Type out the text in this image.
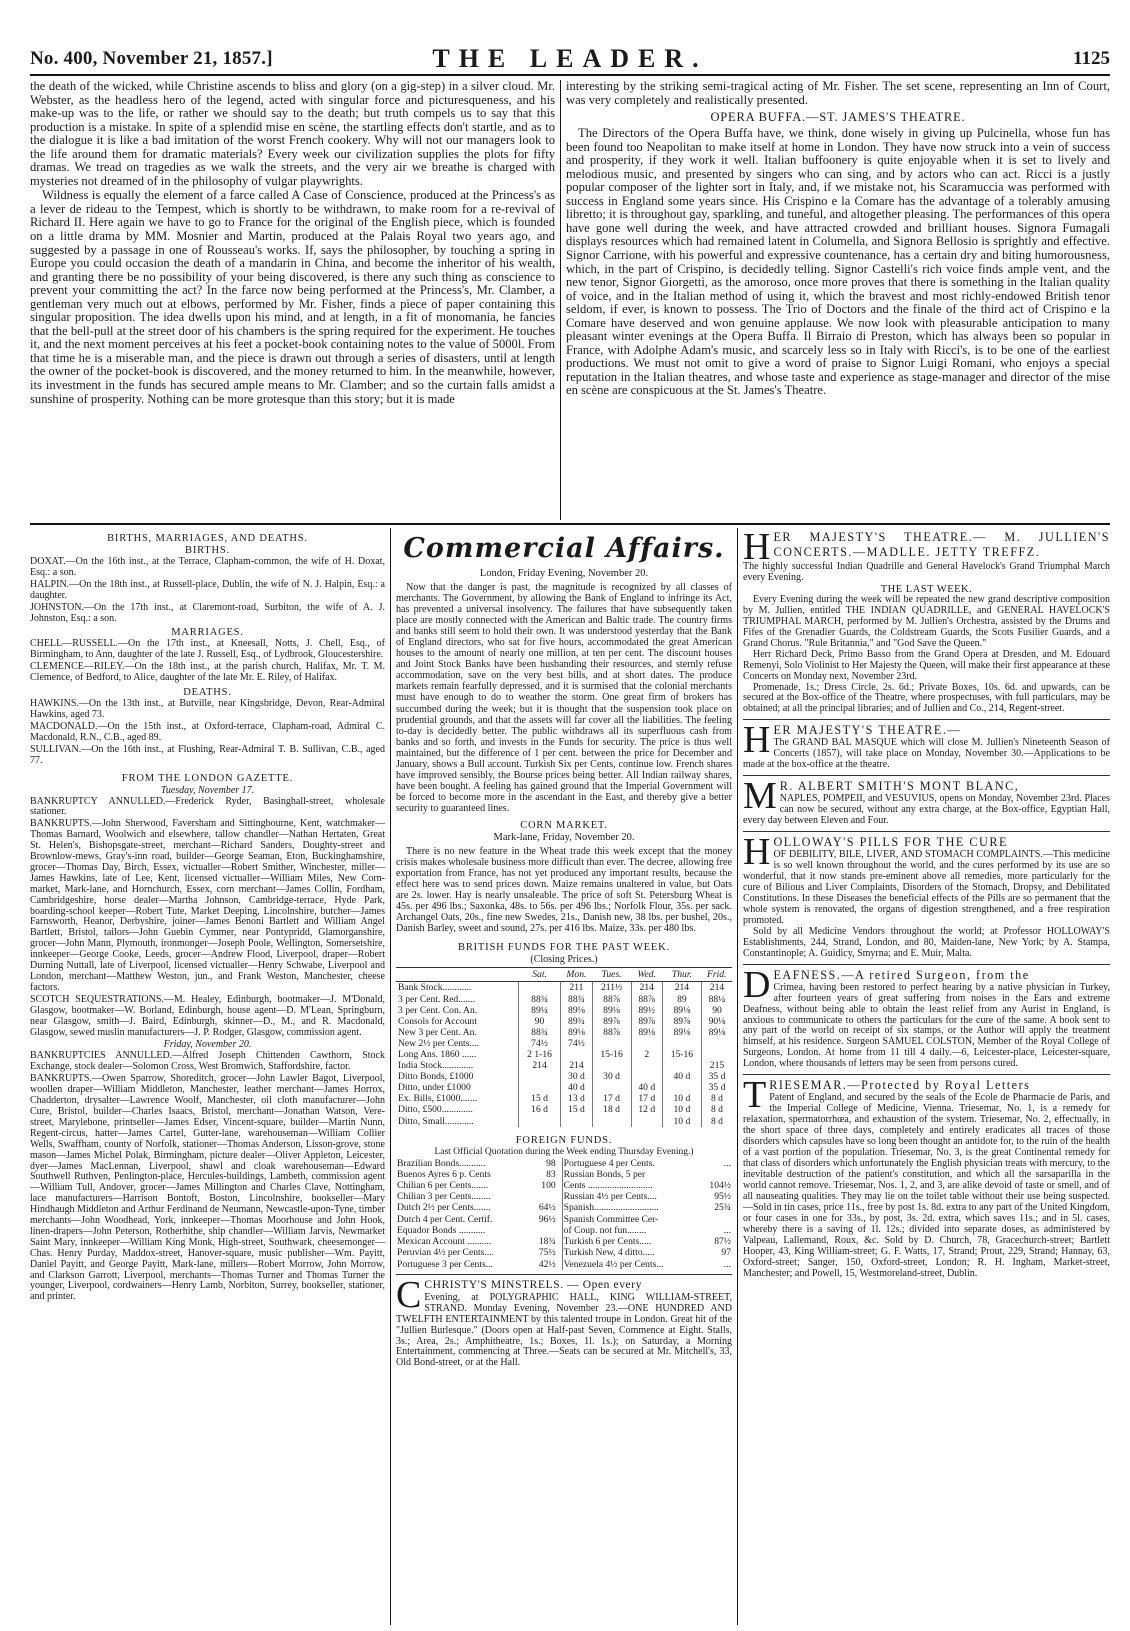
No. 400, November 21, 1857.]	THE LEADER.	1125

the death of the wicked, while Christine ascends to bliss and glory (on a gig-step) in a silver cloud. Mr. Webster, as the headless hero of the legend, acted with singular force and picturesqueness, and his make-up was to the life, or rather we should say to the death; but truth compels us to say that this production is a mistake. In spite of a splendid mise en scène, the startling effects don't startle, and as to the dialogue it is like a bad imitation of the worst French cookery. Why will not our managers look to the life around them for dramatic materials? Every week our civilization supplies the plots for fifty dramas. We tread on tragedies as we walk the streets, and the very air we breathe is charged with mysteries not dreamed of in the philosophy of vulgar playwrights.

Wildness is equally the element of a farce called A Case of Conscience, produced at the Princess's as a lever de rideau to the Tempest, which is shortly to be withdrawn, to make room for a re-revival of Richard II. Here again we have to go to France for the original of the English piece, which is founded on a little drama by MM. Mosnier and Martin, produced at the Palais Royal two years ago, and suggested by a passage in one of Rousseau's works. If, says the philosopher, by touching a spring in Europe you could occasion the death of a mandarin in China, and become the inheritor of his wealth, and granting there be no possibility of your being discovered, is there any such thing as conscience to prevent your committing the act? In the farce now being performed at the Princess's, Mr. Clamber, a gentleman very much out at elbows, performed by Mr. Fisher, finds a piece of paper containing this singular proposition. The idea dwells upon his mind, and at length, in a fit of monomania, he fancies that the bell-pull at the street door of his chambers is the spring required for the experiment. He touches it, and the next moment perceives at his feet a pocket-book containing notes to the value of 5000l. From that time he is a miserable man, and the piece is drawn out through a series of disasters, until at length the owner of the pocket-book is discovered, and the money returned to him. In the meanwhile, however, its investment in the funds has secured ample means to Mr. Clamber; and so the curtain falls amidst a sunshine of prosperity. Nothing can be more grotesque than this story; but it is made

interesting by the striking semi-tragical acting of Mr. Fisher. The set scene, representing an Inn of Court, was very completely and realistically presented.

OPERA BUFFA.—ST. JAMES'S THEATRE.

The Directors of the Opera Buffa have, we think, done wisely in giving up Pulcinella, whose fun has been found too Neapolitan to make itself at home in London. They have now struck into a vein of success and prosperity, if they work it well. Italian buffoonery is quite enjoyable when it is set to lively and melodious music, and presented by singers who can sing, and by actors who can act. Ricci is a justly popular composer of the lighter sort in Italy, and, if we mistake not, his Scaramuccia was performed with success in England some years since. His Crispino e la Comare has the advantage of a tolerably amusing libretto; it is throughout gay, sparkling, and tuneful, and altogether pleasing. The performances of this opera have gone well during the week, and have attracted crowded and brilliant houses. Signora Fumagali displays resources which had remained latent in Columella, and Signora Bellosio is sprightly and effective. Signor Carrione, with his powerful and expressive countenance, has a certain dry and biting humorousness, which, in the part of Crispino, is decidedly telling. Signor Castelli's rich voice finds ample vent, and the new tenor, Signor Giorgetti, as the amoroso, once more proves that there is something in the Italian quality of voice, and in the Italian method of using it, which the bravest and most richly-endowed British tenor seldom, if ever, is known to possess. The Trio of Doctors and the finale of the third act of Crispino e la Comare have deserved and won genuine applause. We now look with pleasurable anticipation to many pleasant winter evenings at the Opera Buffa. Il Birraio di Preston, which has always been so popular in France, with Adolphe Adam's music, and scarcely less so in Italy with Ricci's, is to be one of the earliest productions. We must not omit to give a word of praise to Signor Luigi Romani, who enjoys a special reputation in the Italian theatres, and whose taste and experience as stage-manager and director of the mise en scène are conspicuous at the St. James's Theatre.

BIRTHS, MARRIAGES, AND DEATHS.
BIRTHS.

DOXAT.—On the 16th inst., at the Terrace, Clapham-common, the wife of H. Doxat, Esq.: a son.

HALPIN.—On the 18th inst., at Russell-place, Dublin, the wife of N. J. Halpin, Esq.: a daughter.

JOHNSTON.—On the 17th inst., at Claremont-road, Surbiton, the wife of A. J. Johnston, Esq.: a son.

MARRIAGES.

CHELL—RUSSELL.—On the 17th inst., at Kneesall, Notts, J. Chell, Esq., of Birmingham, to Ann, daughter of the late J. Russell, Esq., of Lydbrook, Gloucestershire.

CLEMENCE—RILEY.—On the 18th inst., at the parish church, Halifax, Mr. T. M. Clemence, of Bedford, to Alice, daughter of the late Mr. E. Riley, of Halifax.

DEATHS.

HAWKINS.—On the 13th inst., at Butville, near Kingsbridge, Devon, Rear-Admiral Hawkins, aged 73.

MACDONALD.—On the 15th inst., at Oxford-terrace, Clapham-road, Admiral C. Macdonald, R.N., C.B., aged 89.

SULLIVAN.—On the 16th inst., at Flushing, Rear-Admiral T. B. Sullivan, C.B., aged 77.

FROM THE LONDON GAZETTE.
Tuesday, November 17.

BANKRUPTCY ANNULLED.—Frederick Ryder, Basinghall-street, wholesale stationer.

BANKRUPTS.—John Sherwood, Faversham and Sittingbourne, Kent, watchmaker—Thomas Barnard, Woolwich and elsewhere, tallow chandler—Nathan Hertaten, Great St. Helen's, Bishopsgate-street, merchant—Richard Sanders, Doughty-street and Brownlow-mews, Gray's-inn road, builder—George Seaman, Eton, Buckinghamshire, grocer—Thomas Day, Birch, Essex, victualler—Robert Smither, Winchester, miller—James Hawkins, late of Lee, Kent, licensed victualler—William Miles, New Corn-market, Mark-lane, and Hornchurch, Essex, corn merchant—James Collin, Fordham, Cambridgeshire, horse dealer—Martha Johnson, Cambridge-terrace, Hyde Park, boarding-school keeper—Robert Tute, Market Deeping, Lincolnshire, butcher—James Farnsworth, Heanor, Derbyshire, joiner—James Benoni Bartlett and William Angel Bartlett, Bristol, tailors—John Guebin Cymmer, near Pontypridd, Glamorganshire, grocer—John Mann, Plymouth, ironmonger—Joseph Poole, Wellington, Somersetshire, innkeeper—George Cooke, Leeds, grocer—Andrew Flood, Liverpool, draper—Robert Durning Nuttall, late of Liverpool, licensed victualler—Henry Schwabe, Liverpool and London, merchant—Matthew Weston, jun., and Frank Weston, Manchester, cheese factors.

SCOTCH SEQUESTRATIONS.—M. Healey, Edinburgh, bootmaker—J. M'Donald, Glasgow, bootmaker—W. Borland, Edinburgh, house agent—D. M'Lean, Springburn, near Glasgow, smith—J. Baird, Edinburgh, skinner—D., M., and R. Macdonald, Glasgow, sewed muslin manufacturers—J. P. Rodger, Glasgow, commission agent.

Friday, November 20.

BANKRUPTCIES ANNULLED.—Alfred Joseph Chittenden Cawthorn, Stock Exchange, stock dealer—Solomon Cross, West Bromwich, Staffordshire, factor.

BANKRUPTS.—Owen Sparrow, Shoreditch, grocer—John Lawler Bagot, Liverpool, woollen draper—William Middleton, Manchester, leather merchant—James Horrox, Chadderton, drysalter—Lawrence Woolf, Manchester, oil cloth manufacturer—John Cure, Bristol, builder—Charles Isaacs, Bristol, merchant—Jonathan Watson, Vere-street, Marylebone, printseller—James Edser, Vincent-square, builder—Martin Nunn, Regent-circus, hatter—James Cartel, Gutter-lane, warehouseman—William Collier Wells, Swaffham, county of Norfolk, stationer—Thomas Anderson, Lisson-grove, stone mason—James Michel Polak, Birmingham, picture dealer—Oliver Appleton, Leicester, dyer—James MacLennan, Liverpool, shawl and cloak warehouseman—Edward Southwell Ruthven, Penlington-place, Hercules-buildings, Lambeth, commission agent—William Tull, Andover, grocer—James Millington and Charles Clave, Nottingham, lace manufacturers—Harrison Bontoft, Boston, Lincolnshire, bookseller—Mary Hindhaugh Middleton and Arthur Ferdinand de Neumann, Newcastle-upon-Tyne, timber merchants—John Woodhead, York, innkeeper—Thomas Moorhouse and John Hook, linen-drapers—John Peterson, Rotherhithe, ship chandler—William Jarvis, Newmarket Saint Mary, innkeeper—William King Monk, High-street, Southwark, cheesemonger—Chas. Henry Purday, Maddox-street, Hanover-square, music publisher—Wm. Payitt, Daniel Payitt, and George Payitt, Mark-lane, millers—Robert Morrow, John Morrow, and Clarkson Garrott, Liverpool, merchants—Thomas Turner and Thomas Turner the younger, Liverpool, cordwainers—Henry Lamb, Norbiton, Surrey, bookseller, stationer, and printer.

Commercial Affairs.
London, Friday Evening, November 20.

Now that the danger is past, the magnitude is recognized by all classes of merchants. The Government, by allowing the Bank of England to infringe its Act, has prevented a universal insolvency. The failures that have subsequently taken place are mostly connected with the American and Baltic trade. The country firms and banks still seem to hold their own. It was understood yesterday that the Bank of England directors, who sat for five hours, accommodated the great American houses to the amount of nearly one million, at ten per cent. The discount houses and Joint Stock Banks have been husbanding their resources, and sternly refuse accommodation, save on the very best bills, and at short dates. The produce markets remain fearfully depressed, and it is surmised that the colonial merchants must have enough to do to weather the storm. One great firm of brokers has succumbed during the week; but it is thought that the suspension took place on prudential grounds, and that the assets will far cover all the liabilities. The feeling to-day is decidedly better. The public withdraws all its superfluous cash from banks and so forth, and invests in the Funds for security. The price is thus well maintained, but the difference of 1 per cent. between the price for December and January, shows a Bull account. Turkish Six per Cents, continue low. French shares have improved sensibly, the Bourse prices being better. All Indian railway shares, have been bought. A feeling has gained ground that the Imperial Government will be forced to become more in the ascendant in the East, and thereby give a better security to guaranteed lines.

CORN MARKET.
Mark-lane, Friday, November 20.

There is no new feature in the Wheat trade this week except that the money crisis makes wholesale business more difficult than ever. The decree, allowing free exportation from France, has not yet produced any important results, because the effect here was to send prices down. Maize remains unaltered in value, but Oats are 2s. lower. Hay is nearly unsaleable. The price of soft St. Petersburg Wheat is 45s. per 496 lbs.; Saxonka, 48s. to 56s. per 496 lbs.; Norfolk Flour, 35s. per sack. Archangel Oats, 20s., fine new Swedes, 21s., Danish new, 38 lbs. per bushel, 20s., Danish Barley, sweet and sound, 27s. per 416 lbs. Maize, 33s. per 480 lbs.

BRITISH FUNDS FOR THE PAST WEEK.
(Closing Prices.)
	Sat.	Mon.	Tues.	Wed.	Thur.	Frid.
Bank Stock............		211	211½	214	214	214
3 per Cent. Red.......	88¾	88¾	88⅞	88⅞	89	88¼
3 per Cent. Con. An.	89¼	89⅛	89⅛	89½	89⅛	90
Consols for Account	90	89¾	89⅞	89⅞	89⅞	90⅛
New 3 per Cent. An.	88¾	89⅛	88⅞	89⅛	89⅛	89⅛
New 2½ per Cents....	74½	74½				
Long Ans. 1860 ......	2 1-16		15-16	2	15-16	
India Stock.............	214	214				215
Ditto Bonds, £1000		30 d	30 d		40 d	35 d
Ditto, under £1000		40 d		40 d		35 d
Ex. Bills, £1000.......	15 d	13 d	17 d	17 d	10 d	8 d
Ditto, £500.............	16 d	15 d	18 d	12 d	10 d	8 d
Ditto, Small............					10 d	8 d
FOREIGN FUNDS.
Last Official Quotation during the Week ending Thursday Evening.)
Brazilian Bonds...........	98	Portuguese 4 per Cents.	...
Buenos Ayres 6 p. Cents	83	Russian Bonds, 5 per	
Chilian 6 per Cents.......	100	Cents ...........................	104½
Chilian 3 per Cents........		Russian 4½ per Cents....	95½
Dutch 2½ per Cents.......	64½	Spanish...........................	25¾
Dutch 4 per Cent. Certif.	96½	Spanish Committee Cer-	
Equador Bonds ...........		of Coup. not fun........	...
Mexican Account ..........	18¾	Turkish 6 per Cents.....	87½
Peruvian 4½ per Cents....	75½	Turkish New, 4 ditto.....	97
Portuguese 3 per Cents...	42½	Venezuela 4½ per Cents...	...
C CHRISTY'S MINSTRELS. — Open every
Evening, at POLYGRAPHIC HALL, KING WILLIAM-STREET, STRAND. Monday Evening, November 23.—ONE HUNDRED AND TWELFTH ENTERTAINMENT by this talented troupe in London. Great hit of the "Jullien Burlesque." (Doors open at Half-past Seven, Commence at Eight. Stalls, 3s.; Area, 2s.; Amphitheatre, 1s.; Boxes, 1l. 1s.); on Saturday, a Morning Entertainment, commencing at Three.—Seats can be secured at Mr. Mitchell's, 33, Old Bond-street, or at the Hall.
H ER MAJESTY'S THEATRE.— M. JULLIEN'S CONCERTS.—MADLLE. JETTY TREFFZ.
The highly successful Indian Quadrille and General Havelock's Grand Triumphal March every Evening.
THE LAST WEEK.
Every Evening during the week will be repeated the new grand descriptive composition by M. Jullien, entitled THE INDIAN QUADRILLE, and GENERAL HAVELOCK'S TRIUMPHAL MARCH, performed by M. Jullien's Orchestra, assisted by the Drums and Fifes of the Grenadier Guards, the Coldstream Guards, the Scots Fusilier Guards, and a Grand Chorus. "Rule Britannia," and "God Save the Queen."
Herr Richard Deck, Primo Basso from the Grand Opera at Dresden, and M. Edouard Remenyi, Solo Violinist to Her Majesty the Queen, will make their first appearance at these Concerts on Monday next, November 23rd.
Promenade, 1s.; Dress Circle, 2s. 6d.; Private Boxes, 10s. 6d. and upwards, can be secured at the Box-office of the Theatre, where prospectuses, with full particulars, may be obtained; at all the principal libraries; and of Jullien and Co., 214, Regent-street.
H ER MAJESTY'S THEATRE.—
The GRAND BAL MASQUE which will close M. Jullien's Nineteenth Season of Concerts (1857), will take place on Monday, November 30.—Applications to be made at the box-office at the theatre.
M R. ALBERT SMITH'S MONT BLANC,
NAPLES, POMPEII, and VESUVIUS, opens on Monday, November 23rd. Places can now be secured, without any extra charge, at the Box-office, Egyptian Hall, every day between Eleven and Four.
H OLLOWAY'S PILLS FOR THE CURE
OF DEBILITY, BILE, LIVER, AND STOMACH COMPLAINTS.—This medicine is so well known throughout the world, and the cures performed by its use are so wonderful, that it now stands pre-eminent above all remedies, more particularly for the cure of Bilious and Liver Complaints, Disorders of the Stomach, Dropsy, and Debilitated Constitutions. In these Diseases the beneficial effects of the Pills are so permanent that the whole system is renovated, the organs of digestion strengthened, and a free respiration promoted.
Sold by all Medicine Vendors throughout the world; at Professor HOLLOWAY'S Establishments, 244, Strand, London, and 80, Maiden-lane, New York; by A. Stampa, Constantinople; A. Guidicy, Smyrna; and E. Muir, Malta.
D EAFNESS.—A retired Surgeon, from the
Crimea, having been restored to perfect hearing by a native physician in Turkey, after fourteen years of great suffering from noises in the Ears and extreme Deafness, without being able to obtain the least relief from any Aurist in England, is anxious to communicate to others the particulars for the cure of the same. A book sent to any part of the world on receipt of six stamps, or the Author will apply the treatment himself, at his residence. Surgeon SAMUEL COLSTON, Member of the Royal College of Surgeons, London. At home from 11 till 4 daily.—6, Leicester-place, Leicester-square, London, where thousands of letters may be seen from persons cured.
T RIESEMAR.—Protected by Royal Letters
Patent of England, and secured by the seals of the Ecole de Pharmacie de Paris, and the Imperial College of Medicine, Vienna. Triesemar, No. 1, is a remedy for relaxation, spermatorrhœa, and exhaustion of the system. Triesemar, No. 2, effectually, in the short space of three days, completely and entirely eradicates all traces of those disorders which capsules have so long been thought an antidote for, to the ruin of the health of a vast portion of the population. Triesemar, No. 3, is the great Continental remedy for that class of disorders which unfortunately the English physician treats with mercury, to the inevitable destruction of the patient's constitution, and which all the sarsaparilla in the world cannot remove. Triesemar, Nos. 1, 2, and 3, are alike devoid of taste or smell, and of all nauseating qualities. They may lie on the toilet table without their use being suspected.—Sold in tin cases, price 11s., free by post 1s. 8d. extra to any part of the United Kingdom, or four cases in one for 33s., by post, 3s. 2d. extra, which saves 11s.; and in 5l. cases, whereby there is a saving of 1l. 12s.; divided into separate doses, as administered by Valpeau, Lallemand, Roux, &c. Sold by D. Church, 78, Gracechurch-street; Bartlett Hooper, 43, King William-street; G. F. Watts, 17, Strand; Prout, 229, Strand; Hannay, 63, Oxford-street; Sanger, 150, Oxford-street, London; R. H. Ingham, Market-street, Manchester; and Powell, 15, Westmoreland-street, Dublin.
